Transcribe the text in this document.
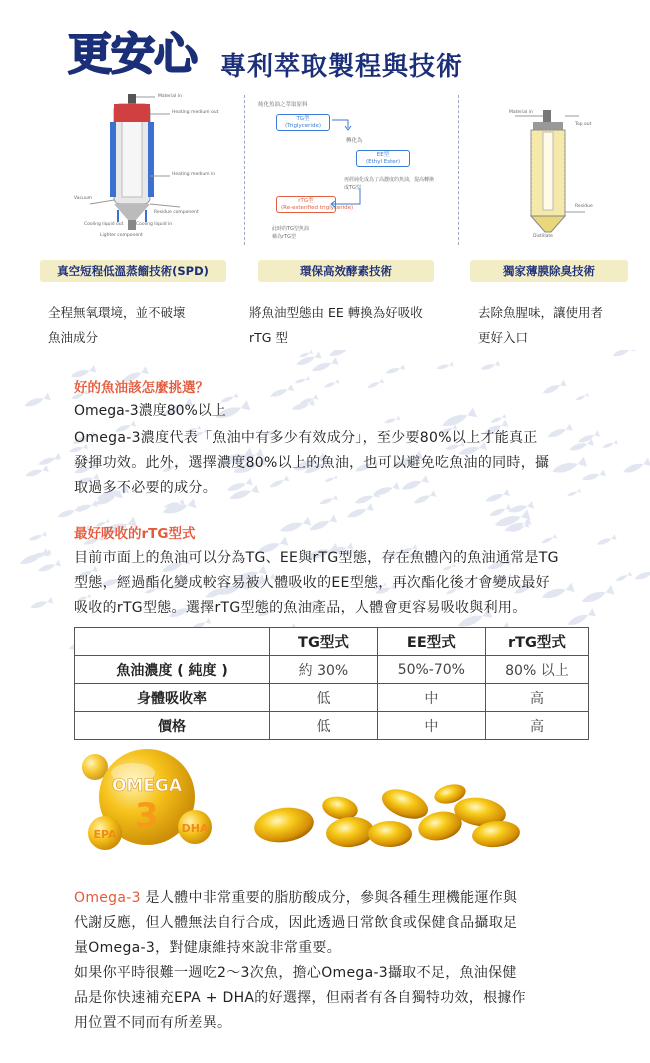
更安心 專利萃取製程與技術
Material in
Heating medium out
Heating medium in
Vacuum
Residue component
Cooling liquid out	Cooling liquid in
Lighter component
純化魚油之萃取原料
TG型
(Triglyceride)
轉化為
EE型
(Ethyl Ester)
再經純化成為了高濃度的魚油，提高轉換成TG型
rTG型
(Re-esterified triglyceride)
此時的TG型魚油
稱為rTG型
Material in
Top out
Residue
Distillate
真空短程低溫蒸餾技術(SPD)	環保高效酵素技術	獨家薄膜除臭技術
全程無氧環境，並不破壞
魚油成分
將魚油型態由 EE 轉換為好吸收
rTG 型
去除魚腥味，讓使用者
更好入口
好的魚油該怎麼挑選？
Omega-3濃度80%以上
Omega-3濃度代表「魚油中有多少有效成分」，至少要80%以上才能真正
發揮功效。此外，選擇濃度80%以上的魚油，也可以避免吃魚油的同時，攝
取過多不必要的成分。
最好吸收的rTG型式
目前市面上的魚油可以分為TG、EE與rTG型態，存在魚體內的魚油通常是TG
型態，經過酯化變成較容易被人體吸收的EE型態，再次酯化後才會變成最好
吸收的rTG型態。選擇rTG型態的魚油產品，人體會更容易吸收與利用。
	TG型式	EE型式	rTG型式
魚油濃度 ( 純度 )	約 30%	50%-70%	80% 以上
身體吸收率	低	中	高
價格	低	中	高
OMEGA
3
EPA	DHA
Omega-3 是人體中非常重要的脂肪酸成分，參與各種生理機能運作與
代謝反應，但人體無法自行合成，因此透過日常飲食或保健食品攝取足
量Omega-3，對健康維持來說非常重要。
如果你平時很難一週吃2～3次魚，擔心Omega-3攝取不足，魚油保健
品是你快速補充EPA + DHA的好選擇，但兩者有各自獨特功效，根據作
用位置不同而有所差異。
